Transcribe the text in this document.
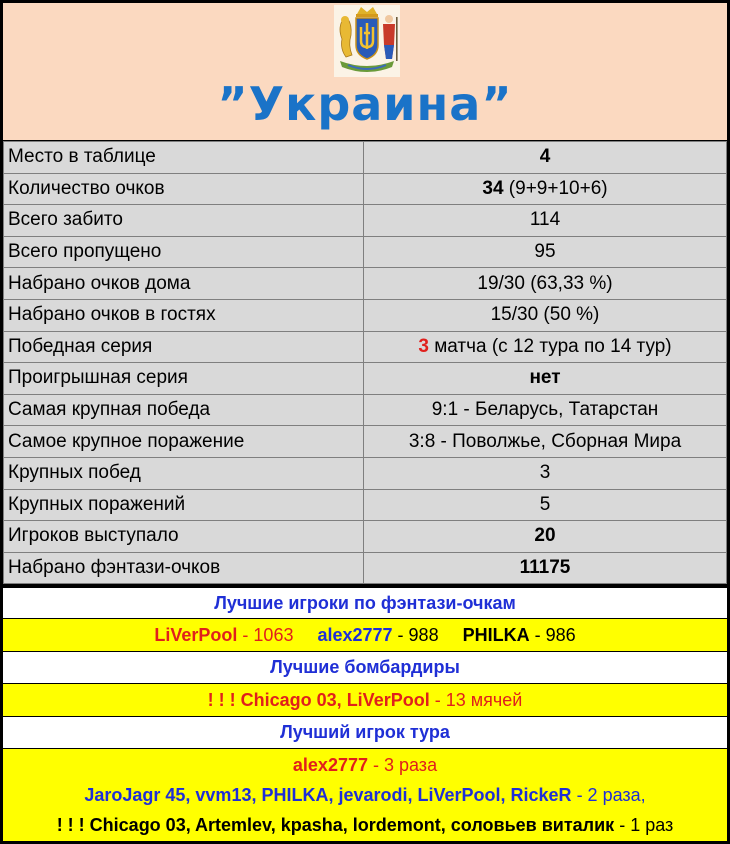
”Украина”
Место в таблице	4
Количество очков	34 (9+9+10+6)
Всего забито	114
Всего пропущено	95
Набрано очков дома	19/30 (63,33 %)
Набрано очков в гостях	15/30 (50 %)
Победная серия	3 матча (с 12 тура по 14 тур)
Проигрышная серия	нет
Самая крупная победа	9:1 - Беларусь, Татарстан
Самое крупное поражение	3:8 - Поволжье, Сборная Мира
Крупных побед	3
Крупных поражений	5
Игроков выступало	20
Набрано фэнтази-очков	11175
Лучшие игроки по фэнтази-очкам
LiVerPool - 1063 alex2777 - 988 PHILKA - 986
Лучшие бомбардиры
! ! ! Chicago 03, LiVerPool - 13 мячей
Лучший игрок тура
alex2777 - 3 раза
JaroJagr 45, vvm13, PHILKA, jevarodi, LiVerPool, RickeR - 2 раза,
! ! ! Chicago 03, Artemlev, kpasha, lordemont, соловьев виталик - 1 раз
